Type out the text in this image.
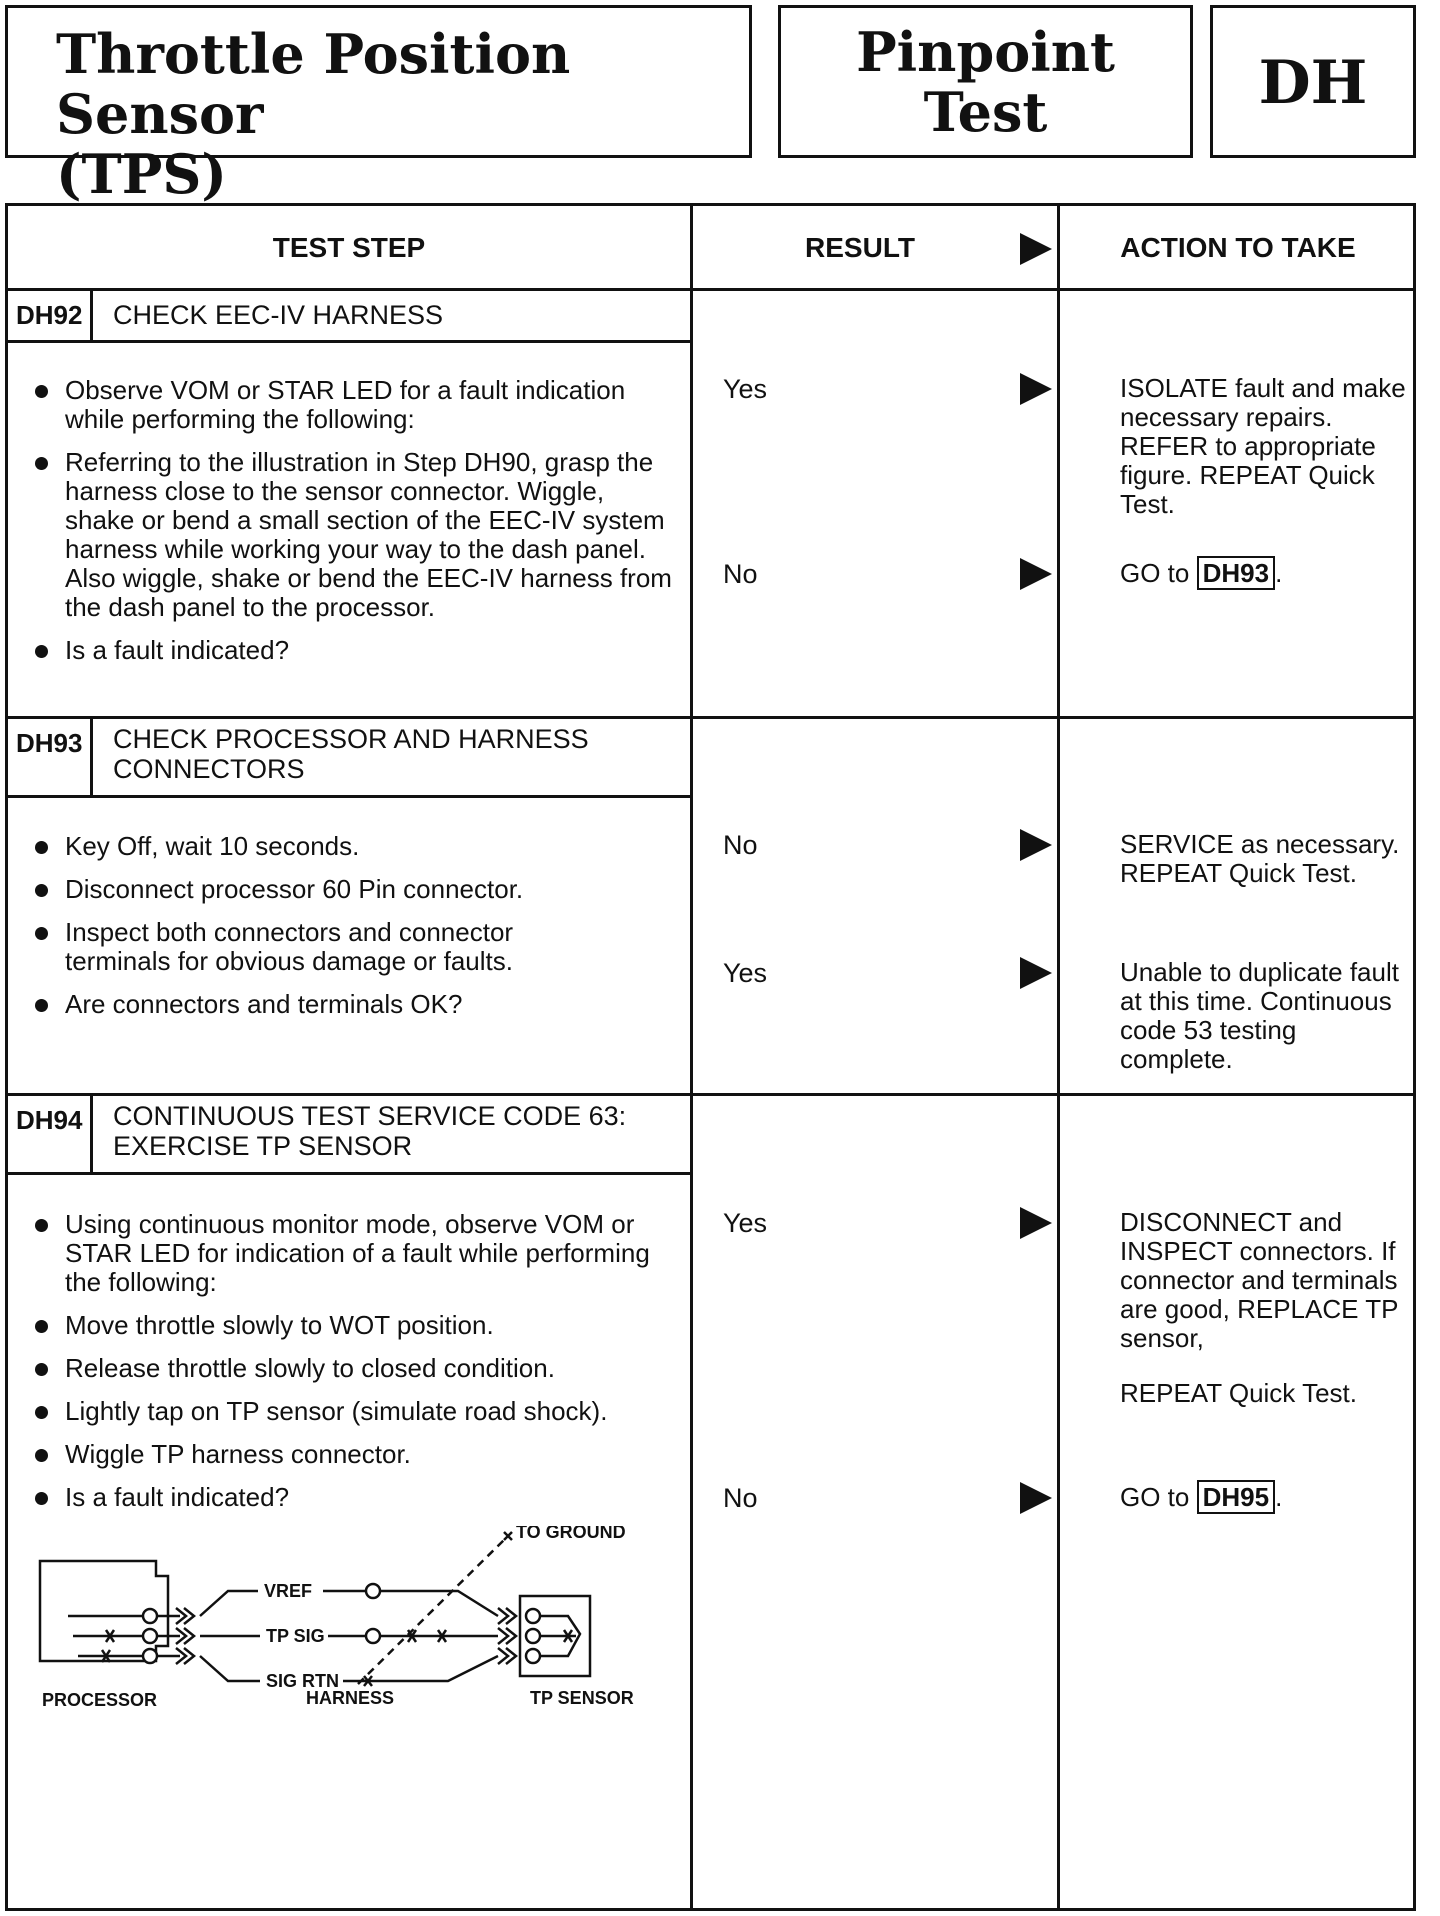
Throttle Position Sensor
(TPS)
Pinpoint
Test	DH
TEST STEP	RESULT	ACTION TO TAKE
DH92 CHECK EEC-IV HARNESS
Observe VOM or STAR LED for a fault indication while performing the following:
Referring to the illustration in Step DH90, grasp the harness close to the sensor connector. Wiggle, shake or bend a small section of the EEC-IV system harness while working your way to the dash panel. Also wiggle, shake or bend the EEC-IV harness from the dash panel to the processor.
Is a fault indicated?
Yes	ISOLATE fault and make necessary repairs. REFER to appropriate figure. REPEAT Quick Test.
No	GO to DH93 .
DH93 CHECK PROCESSOR AND HARNESS CONNECTORS
Key Off, wait 10 seconds.
Disconnect processor 60 Pin connector.
Inspect both connectors and connector terminals for obvious damage or faults.
Are connectors and terminals OK?
No	SERVICE as necessary. REPEAT Quick Test.
Yes	Unable to duplicate fault at this time. Continuous code 53 testing complete.
DH94 CONTINUOUS TEST SERVICE CODE 63: EXERCISE TP SENSOR
Using continuous monitor mode, observe VOM or STAR LED for indication of a fault while performing the following:
Move throttle slowly to WOT position.
Release throttle slowly to closed condition.
Lightly tap on TP sensor (simulate road shock).
Wiggle TP harness connector.
Is a fault indicated?
Yes	DISCONNECT and INSPECT connectors. If connector and terminals are good, REPLACE TP sensor,
REPEAT Quick Test.
No	GO to DH95 .
TO GROUND
VREF
TP SIG
SIG RTN
PROCESSOR	HARNESS	TP SENSOR
